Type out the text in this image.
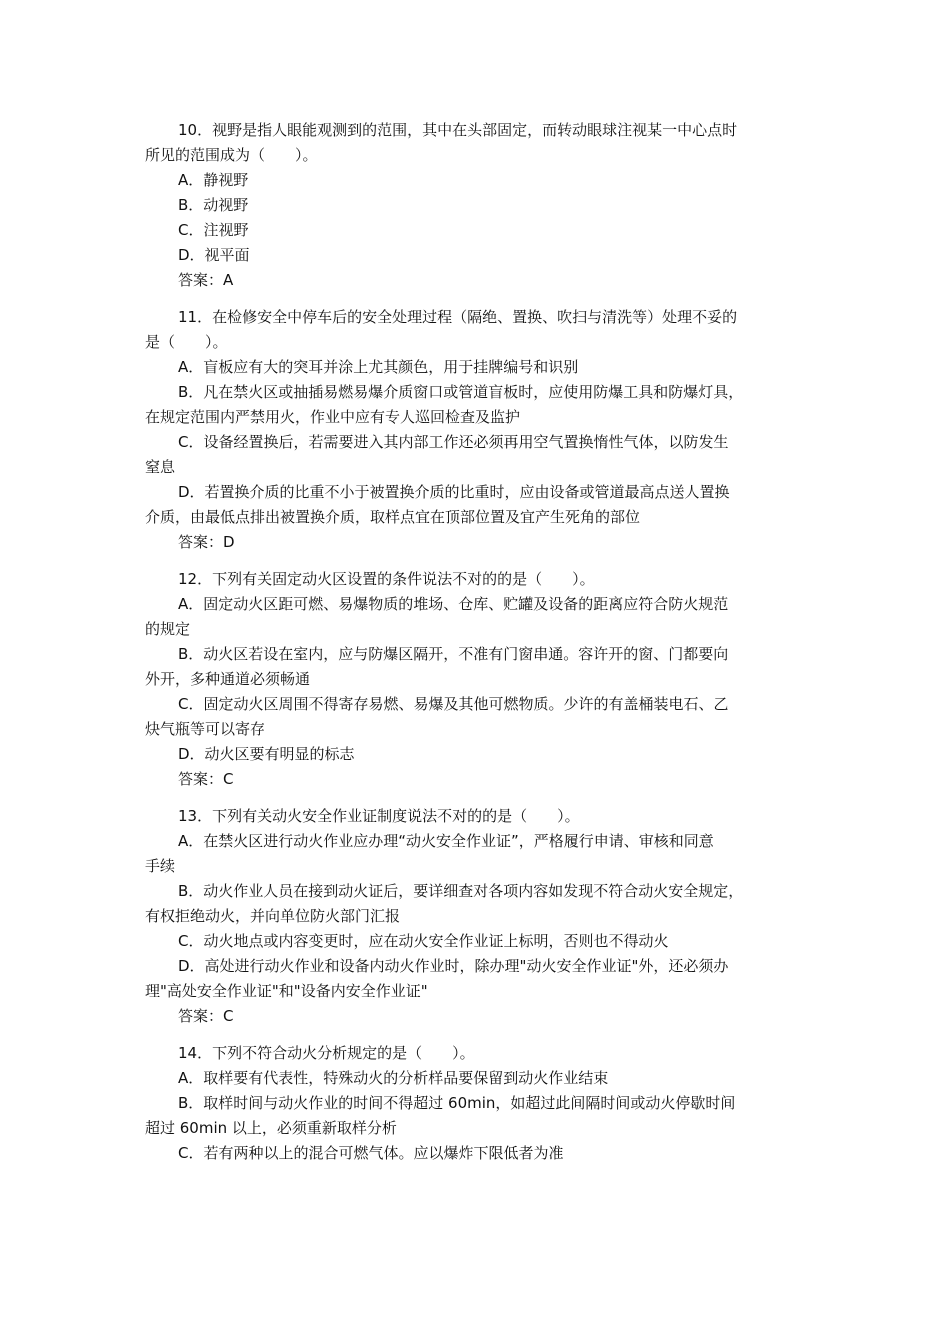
10．视野是指人眼能观测到的范围，其中在头部固定，而转动眼球注视某一中心点时
所见的范围成为（　　）。
A．静视野
B．动视野
C．注视野
D．视平面
答案：A
11．在检修安全中停车后的安全处理过程（隔绝、置换、吹扫与清洗等）处理不妥的
是（　　）。
A．盲板应有大的突耳并涂上尤其颜色，用于挂牌编号和识别
B．凡在禁火区或抽插易燃易爆介质窗口或管道盲板时，应使用防爆工具和防爆灯具，
在规定范围内严禁用火，作业中应有专人巡回检查及监护
C．设备经置换后，若需要进入其内部工作还必须再用空气置换惰性气体，以防发生
窒息
D．若置换介质的比重不小于被置换介质的比重时，应由设备或管道最高点送人置换
介质，由最低点排出被置换介质，取样点宜在顶部位置及宜产生死角的部位
答案：D
12．下列有关固定动火区设置的条件说法不对的的是（　　）。
A．固定动火区距可燃、易爆物质的堆场、仓库、贮罐及设备的距离应符合防火规范
的规定
B．动火区若设在室内，应与防爆区隔开，不准有门窗串通。容许开的窗、门都要向
外开，多种通道必须畅通
C．固定动火区周围不得寄存易燃、易爆及其他可燃物质。少许的有盖桶装电石、乙
炔气瓶等可以寄存
D．动火区要有明显的标志
答案：C
13．下列有关动火安全作业证制度说法不对的的是（　　）。
A．在禁火区进行动火作业应办理“动火安全作业证”，严格履行申请、审核和同意
手续
B．动火作业人员在接到动火证后，要详细查对各项内容如发现不符合动火安全规定，
有权拒绝动火，并向单位防火部门汇报
C．动火地点或内容变更时，应在动火安全作业证上标明，否则也不得动火
D．高处进行动火作业和设备内动火作业时，除办理"动火安全作业证"外，还必须办
理"高处安全作业证"和"设备内安全作业证"
答案：C
14．下列不符合动火分析规定的是（　　）。
A．取样要有代表性，特殊动火的分析样品要保留到动火作业结束
B．取样时间与动火作业的时间不得超过 60min，如超过此间隔时间或动火停歇时间
超过 60min 以上，必须重新取样分析
C．若有两种以上的混合可燃气体。应以爆炸下限低者为准
